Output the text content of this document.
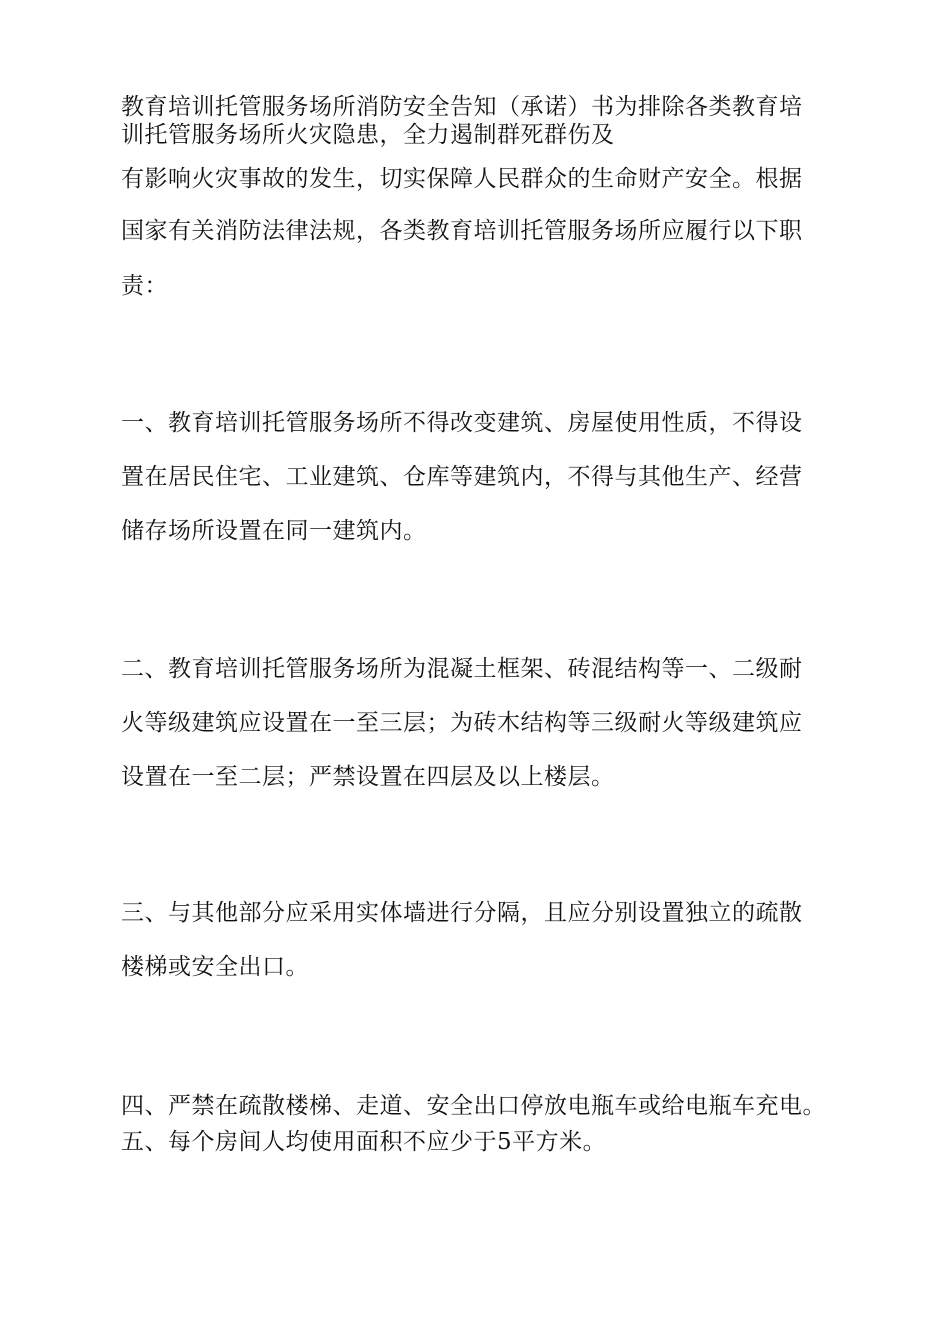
教育培训托管服务场所消防安全告知（承诺）书为排除各类教育培

训托管服务场所火灾隐患，全力遏制群死群伤及

有影响火灾事故的发生，切实保障人民群众的生命财产安全。根据

国家有关消防法律法规，各类教育培训托管服务场所应履行以下职

责：

一、教育培训托管服务场所不得改变建筑、房屋使用性质，不得设

置在居民住宅、工业建筑、仓库等建筑内，不得与其他生产、经营

储存场所设置在同一建筑内。

二、教育培训托管服务场所为混凝土框架、砖混结构等一、二级耐

火等级建筑应设置在一至三层；为砖木结构等三级耐火等级建筑应

设置在一至二层；严禁设置在四层及以上楼层。

三、与其他部分应采用实体墙进行分隔，且应分别设置独立的疏散

楼梯或安全出口。

四、严禁在疏散楼梯、走道、安全出口停放电瓶车或给电瓶车充电。

五、每个房间人均使用面积不应少于5平方米。
